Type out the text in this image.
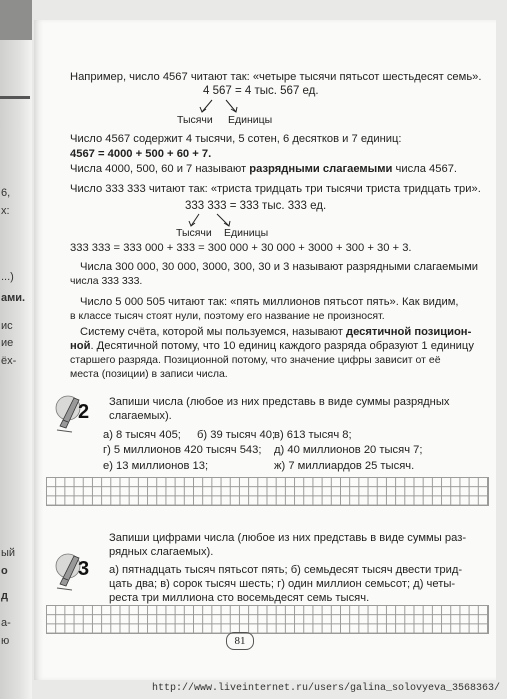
6,
x:
...)
ами.
ис
ие
ёх-
ый
о
д
а-
ю
Например, число 4567 читают так: «четыре тысячи пятьсот шестьдесят семь».
4 567 = 4 тыс. 567 ед.
Тысячи Единицы
Число 4567 содержит 4 тысячи, 5 сотен, 6 десятков и 7 единиц:
4567 = 4000 + 500 + 60 + 7.
Числа 4000, 500, 60 и 7 называют разрядными слагаемыми числа 4567.
Число 333 333 читают так: «триста тридцать три тысячи триста тридцать три».
333 333 = 333 тыс. 333 ед.
Тысячи Единицы
333 333 = 333 000 + 333 = 300 000 + 30 000 + 3000 + 300 + 30 + 3.
Числа 300 000, 30 000, 3000, 300, 30 и 3 называют разрядными слагаемыми
числа 333 333.
Число 5 000 505 читают так: «пять миллионов пятьсот пять». Как видим,
в классе тысяч стоят нули, поэтому его название не произносят.
Систему счёта, которой мы пользуемся, называют десятичной позицион-
ной. Десятичной потому, что 10 единиц каждого разряда образуют 1 единицу
старшего разряда. Позиционной потому, что значение цифры зависит от её
места (позиции) в записи числа.
2 Запиши числа (любое из них представь в виде суммы разрядных
слагаемых).
а) 8 тысяч 405; б) 39 тысяч 40;
в) 613 тысяч 8;
г) 5 миллионов 420 тысяч 543; д) 40 миллионов 20 тысяч 7;
е) 13 миллионов 13;	ж) 7 миллиардов 25 тысяч.
3
Запиши цифрами числа (любое из них представь в виде суммы раз-
рядных слагаемых).
а) пятнадцать тысяч пятьсот пять; б) семьдесят тысяч двести трид-
цать два; в) сорок тысяч шесть; г) один миллион семьсот; д) четы-
реста три миллиона сто восемьдесят семь тысяч.
81
http://www.liveinternet.ru/users/galina_solovyeva_3568363/
